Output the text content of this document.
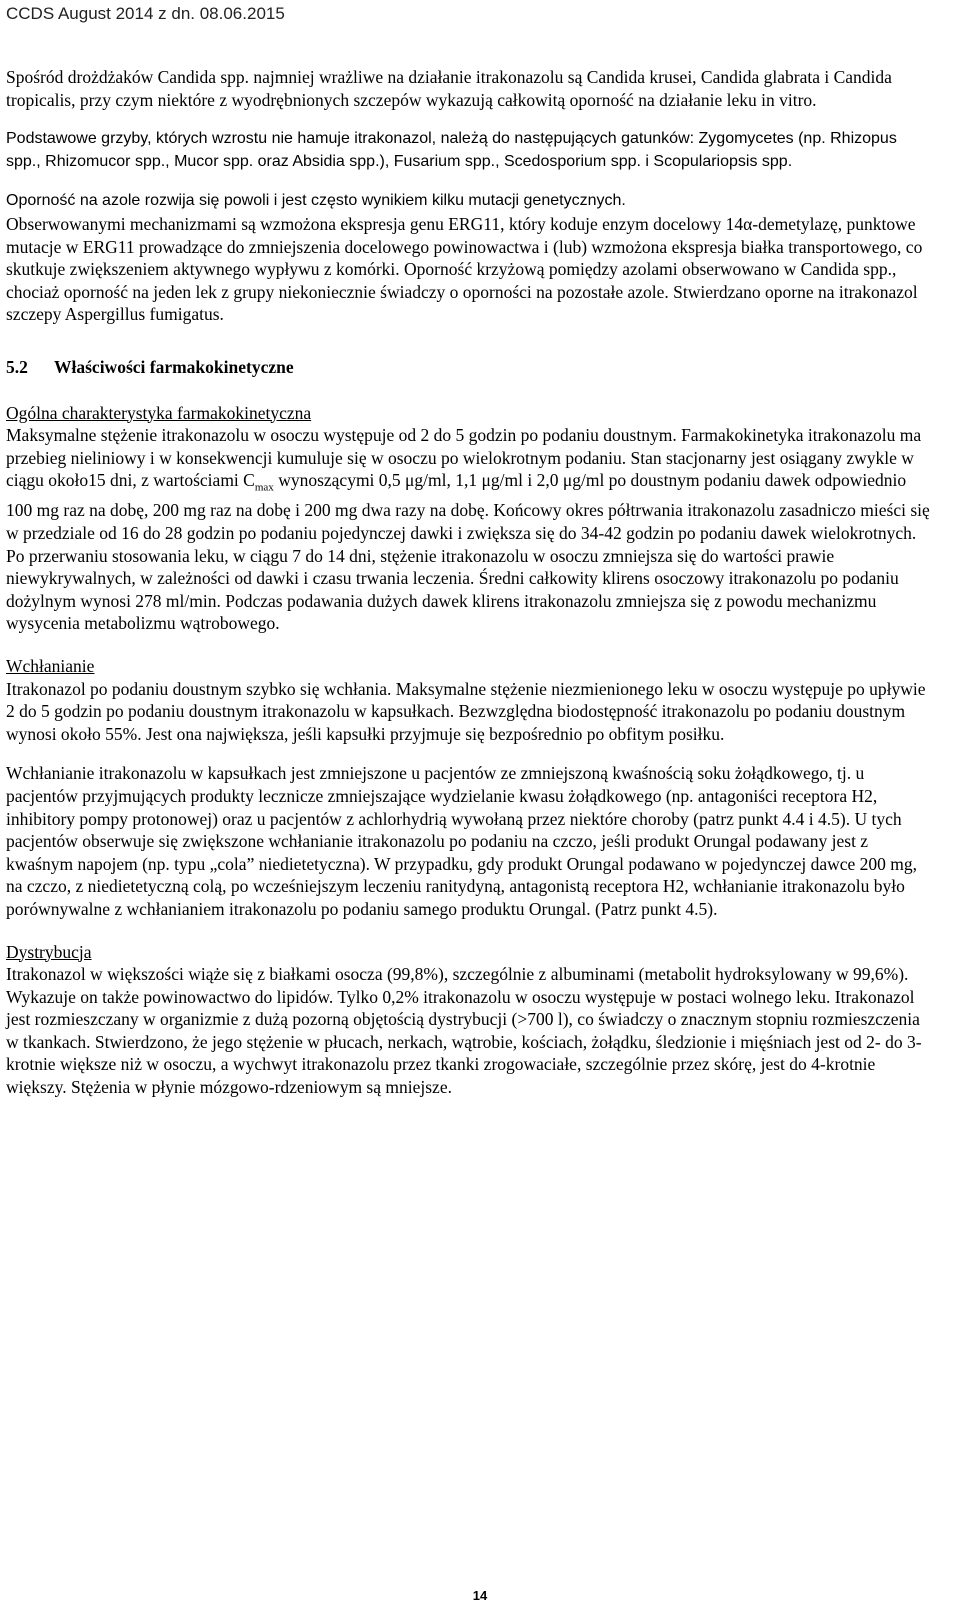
CCDS August 2014 z dn. 08.06.2015

Spośród drożdżaków Candida spp. najmniej wrażliwe na działanie itrakonazolu są Candida krusei, Candida glabrata i Candida tropicalis, przy czym niektóre z wyodrębnionych szczepów wykazują całkowitą oporność na działanie leku in vitro.

Podstawowe grzyby, których wzrostu nie hamuje itrakonazol, należą do następujących gatunków: Zygomycetes (np. Rhizopus spp., Rhizomucor spp., Mucor spp. oraz Absidia spp.), Fusarium spp., Scedosporium spp. i Scopulariopsis spp.

Oporność na azole rozwija się powoli i jest często wynikiem kilku mutacji genetycznych.

Obserwowanymi mechanizmami są wzmożona ekspresja genu ERG11, który koduje enzym docelowy 14α-demetylazę, punktowe mutacje w ERG11 prowadzące do zmniejszenia docelowego powinowactwa i (lub) wzmożona ekspresja białka transportowego, co skutkuje zwiększeniem aktywnego wypływu z komórki. Oporność krzyżową pomiędzy azolami obserwowano w Candida spp., chociaż oporność na jeden lek z grupy niekoniecznie świadczy o oporności na pozostałe azole. Stwierdzano oporne na itrakonazol szczepy Aspergillus fumigatus.

5.2 Właściwości farmakokinetyczne
Ogólna charakterystyka farmakokinetyczna

Maksymalne stężenie itrakonazolu w osoczu występuje od 2 do 5 godzin po podaniu doustnym. Farmakokinetyka itrakonazolu ma przebieg nieliniowy i w konsekwencji kumuluje się w osoczu po wielokrotnym podaniu. Stan stacjonarny jest osiągany zwykle w ciągu około15 dni, z wartościami $C_{max}$ wynoszącymi 0,5 μg/ml, 1,1 μg/ml i 2,0 μg/ml po doustnym podaniu dawek odpowiednio 100 mg raz na dobę, 200 mg raz na dobę i 200 mg dwa razy na dobę. Końcowy okres półtrwania itrakonazolu zasadniczo mieści się w przedziale od 16 do 28 godzin po podaniu pojedynczej dawki i zwiększa się do 34-42 godzin po podaniu dawek wielokrotnych. Po przerwaniu stosowania leku, w ciągu 7 do 14 dni, stężenie itrakonazolu w osoczu zmniejsza się do wartości prawie niewykrywalnych, w zależności od dawki i czasu trwania leczenia. Średni całkowity klirens osoczowy itrakonazolu po podaniu dożylnym wynosi 278 ml/min. Podczas podawania dużych dawek klirens itrakonazolu zmniejsza się z powodu mechanizmu wysycenia metabolizmu wątrobowego.

Wchłanianie

Itrakonazol po podaniu doustnym szybko się wchłania. Maksymalne stężenie niezmienionego leku w osoczu występuje po upływie 2 do 5 godzin po podaniu doustnym itrakonazolu w kapsułkach. Bezwzględna biodostępność itrakonazolu po podaniu doustnym wynosi około 55%. Jest ona największa, jeśli kapsułki przyjmuje się bezpośrednio po obfitym posiłku.

Wchłanianie itrakonazolu w kapsułkach jest zmniejszone u pacjentów ze zmniejszoną kwaśnością soku żołądkowego, tj. u pacjentów przyjmujących produkty lecznicze zmniejszające wydzielanie kwasu żołądkowego (np. antagoniści receptora H2, inhibitory pompy protonowej) oraz u pacjentów z achlorhydrią wywołaną przez niektóre choroby (patrz punkt 4.4 i 4.5). U tych pacjentów obserwuje się zwiększone wchłanianie itrakonazolu po podaniu na czczo, jeśli produkt Orungal podawany jest z kwaśnym napojem (np. typu „cola” niedietetyczna). W przypadku, gdy produkt Orungal podawano w pojedynczej dawce 200 mg, na czczo, z niedietetyczną colą, po wcześniejszym leczeniu ranitydyną, antagonistą receptora H2, wchłanianie itrakonazolu było porównywalne z wchłanianiem itrakonazolu po podaniu samego produktu Orungal. (Patrz punkt 4.5).

Dystrybucja

Itrakonazol w większości wiąże się z białkami osocza (99,8%), szczególnie z albuminami (metabolit hydroksylowany w 99,6%). Wykazuje on także powinowactwo do lipidów. Tylko 0,2% itrakonazolu w osoczu występuje w postaci wolnego leku. Itrakonazol jest rozmieszczany w organizmie z dużą pozorną objętością dystrybucji (>700 l), co świadczy o znacznym stopniu rozmieszczenia w tkankach. Stwierdzono, że jego stężenie w płucach, nerkach, wątrobie, kościach, żołądku, śledzionie i mięśniach jest od 2- do 3-krotnie większe niż w osoczu, a wychwyt itrakonazolu przez tkanki zrogowaciałe, szczególnie przez skórę, jest do 4-krotnie większy. Stężenia w płynie mózgowo-rdzeniowym są mniejsze.

14
